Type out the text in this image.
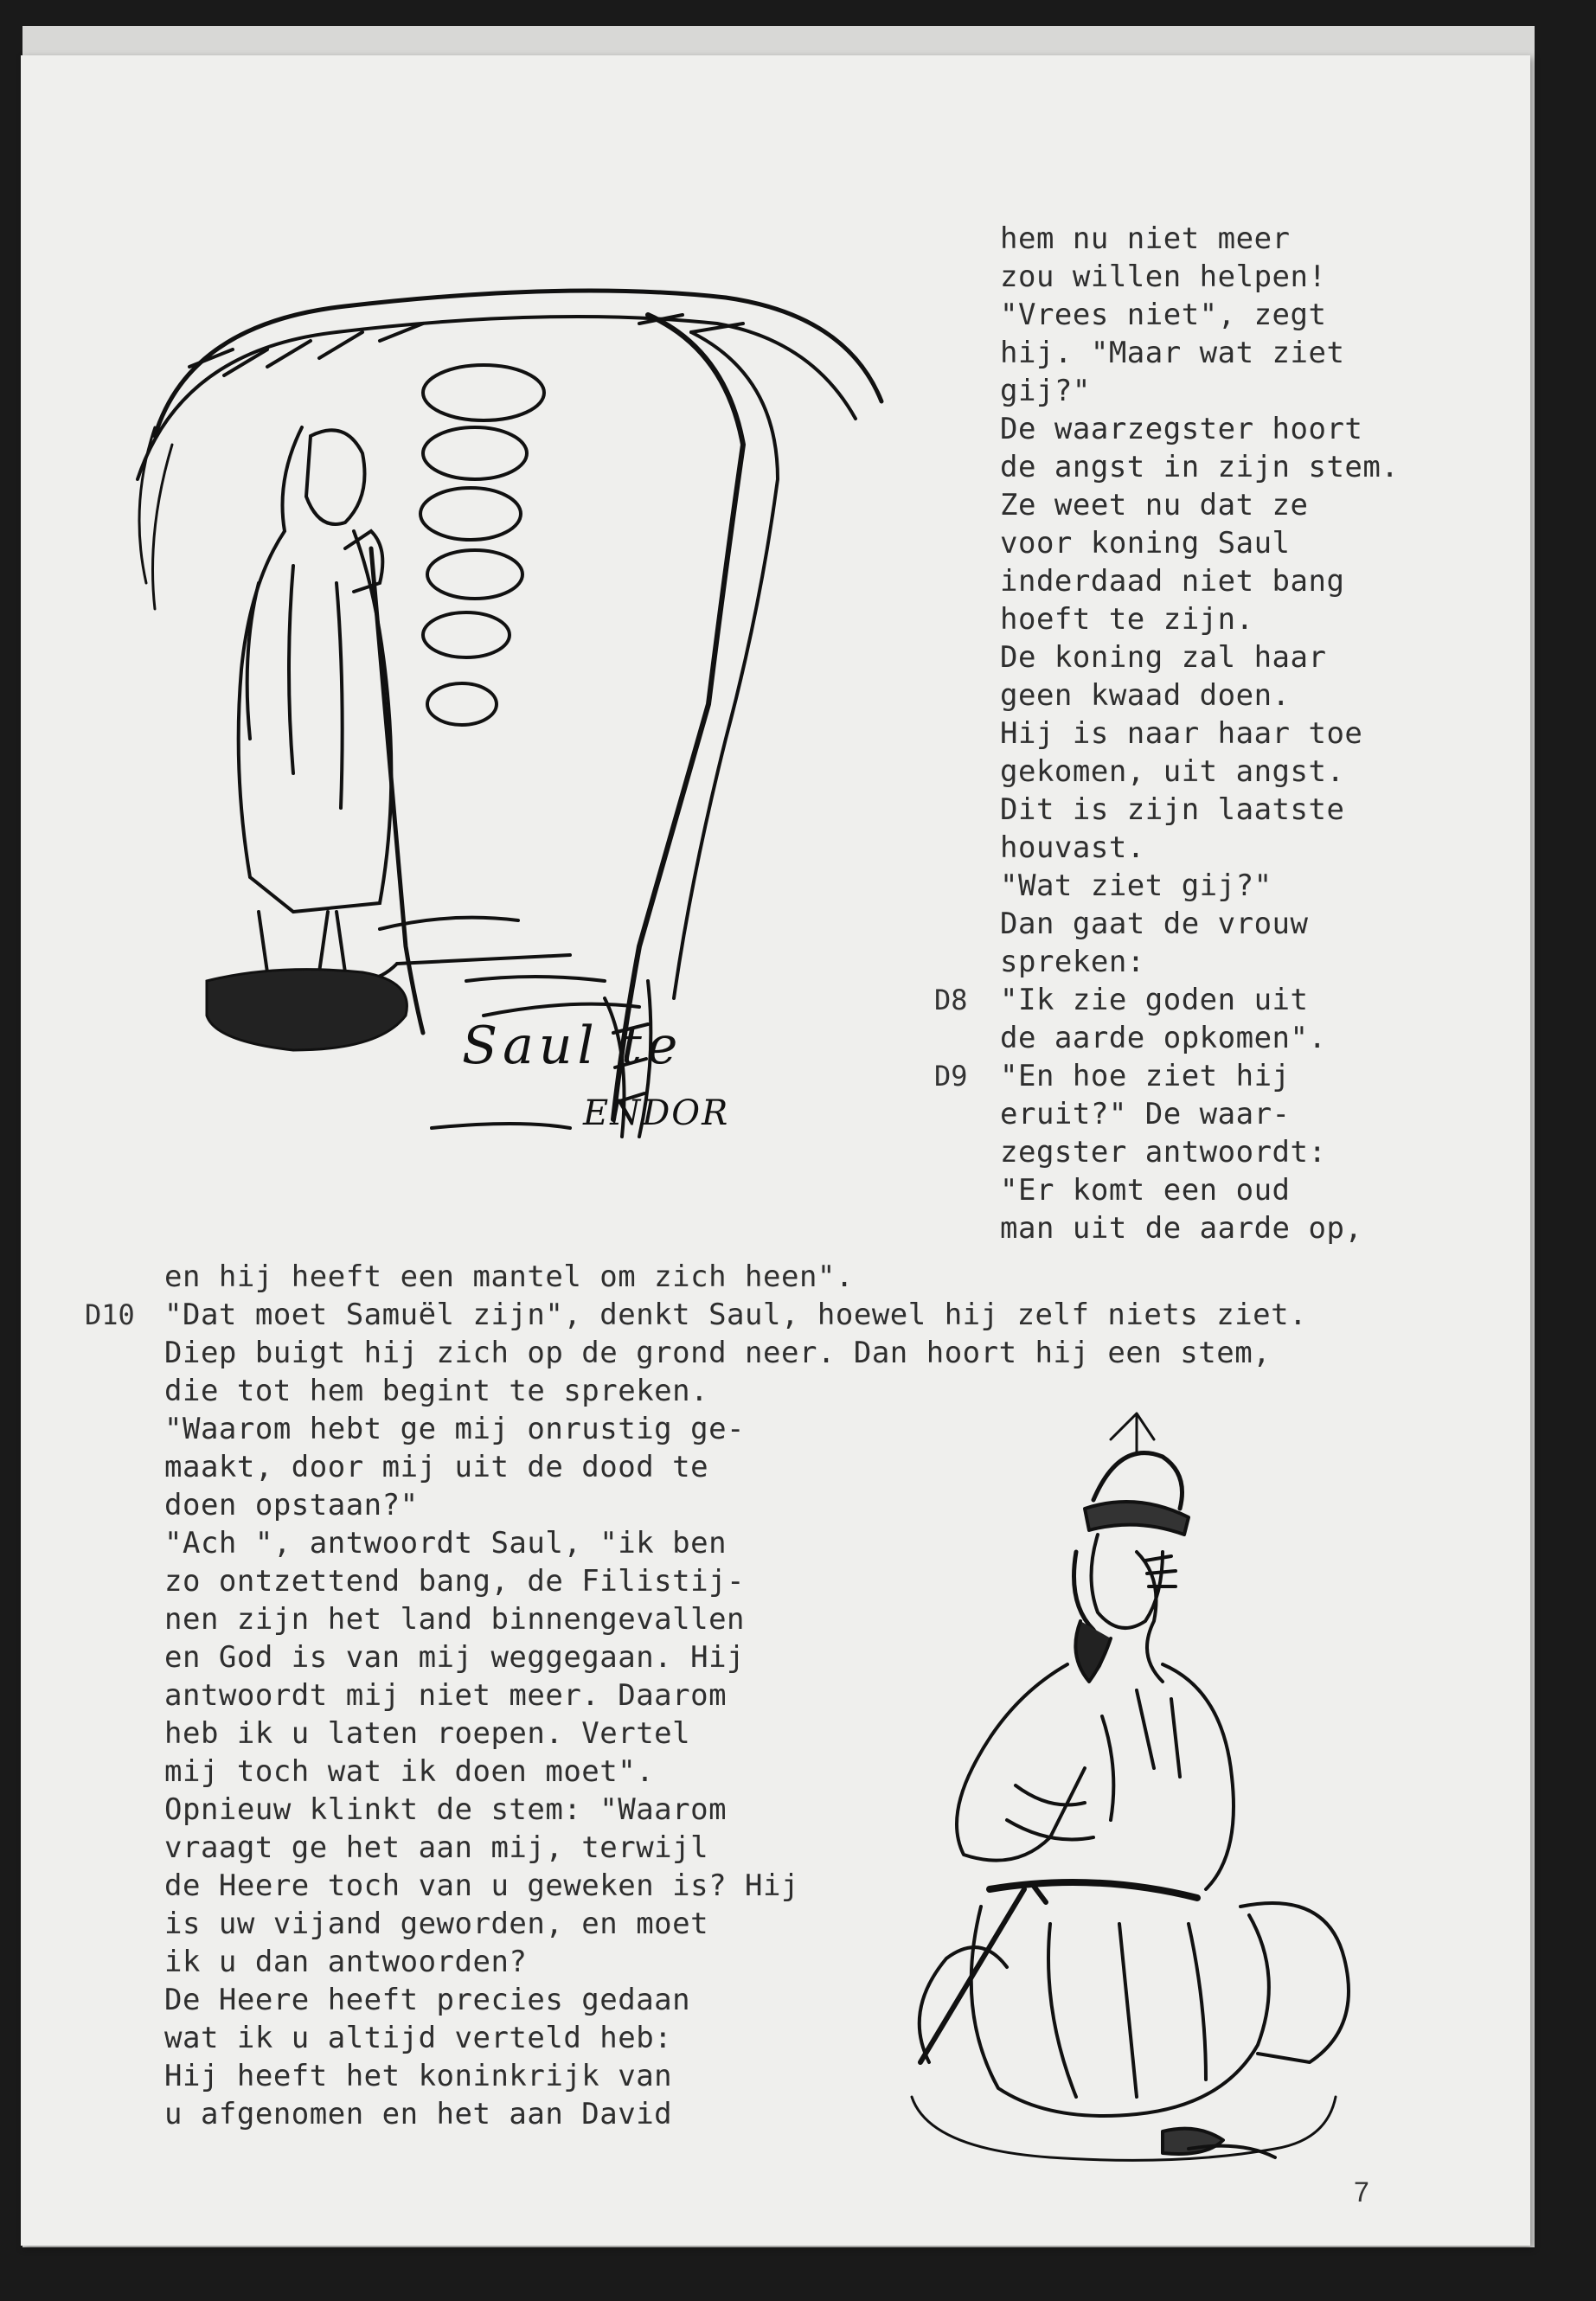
Saul te
ENDOR
hem nu niet meer
zou willen helpen!
"Vrees niet", zegt
hij. "Maar wat ziet
gij?"
De waarzegster hoort
de angst in zijn stem.
Ze weet nu dat ze
voor koning Saul
inderdaad niet bang
hoeft te zijn.
De koning zal haar
geen kwaad doen.
Hij is naar haar toe
gekomen, uit angst.
Dit is zijn laatste
houvast.
"Wat ziet gij?"
Dan gaat de vrouw
spreken:
"Ik zie goden uit
de aarde opkomen".
"En hoe ziet hij
eruit?" De waar-
zegster antwoordt:
"Er komt een oud
man uit de aarde op,
D8
D9
D10
en hij heeft een mantel om zich heen".
"Dat moet Samuël zijn", denkt Saul, hoewel hij zelf niets ziet.
Diep buigt hij zich op de grond neer. Dan hoort hij een stem,
die tot hem begint te spreken.
"Waarom hebt ge mij onrustig ge-
maakt, door mij uit de dood te
doen opstaan?"
"Ach ", antwoordt Saul, "ik ben
zo ontzettend bang, de Filistij-
nen zijn het land binnengevallen
en God is van mij weggegaan. Hij
antwoordt mij niet meer. Daarom
heb ik u laten roepen. Vertel
mij toch wat ik doen moet".
Opnieuw klinkt de stem: "Waarom
vraagt ge het aan mij, terwijl
de Heere toch van u geweken is? Hij
is uw vijand geworden, en moet
ik u dan antwoorden?
De Heere heeft precies gedaan
wat ik u altijd verteld heb:
Hij heeft het koninkrijk van
u afgenomen en het aan David
7
